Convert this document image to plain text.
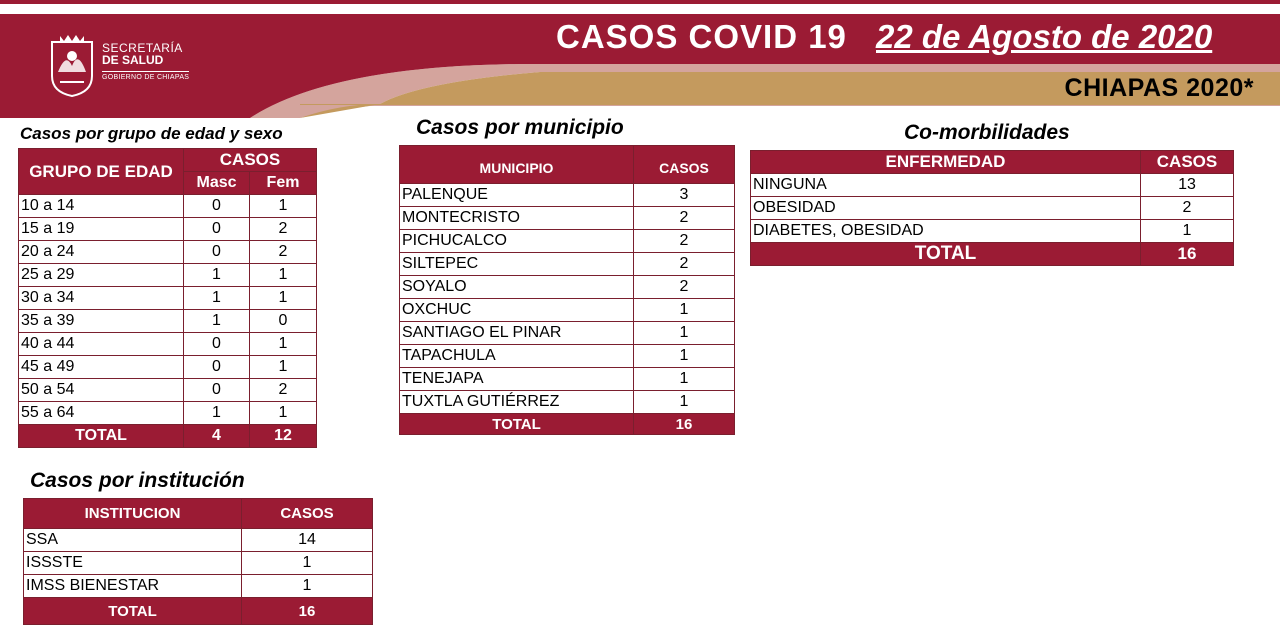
SECRETARÍA
DE SALUD
GOBIERNO DE CHIAPAS
CASOS COVID 19 22 de Agosto de 2020
CHIAPAS 2020*
Casos por grupo de edad y sexo
GRUPO DE EDAD	CASOS	
	Masc	Fem
10 a 14	0	1
15 a 19	0	2
20 a 24	0	2
25 a 29	1	1
30 a 34	1	1
35 a 39	1	0
40 a 44	0	1
45 a 49	0	1
50 a 54	0	2
55 a 64	1	1
TOTAL	4	12
Casos por municipio
MUNICIPIO	CASOS
PALENQUE	3
MONTECRISTO	2
PICHUCALCO	2
SILTEPEC	2
SOYALO	2
OXCHUC	1
SANTIAGO EL PINAR	1
TAPACHULA	1
TENEJAPA	1
TUXTLA GUTIÉRREZ	1
TOTAL	16
Co-morbilidades
ENFERMEDAD	CASOS
NINGUNA	13
OBESIDAD	2
DIABETES, OBESIDAD	1
TOTAL	16
Casos por institución
INSTITUCION	CASOS
SSA	14
ISSSTE	1
IMSS BIENESTAR	1
TOTAL	16
